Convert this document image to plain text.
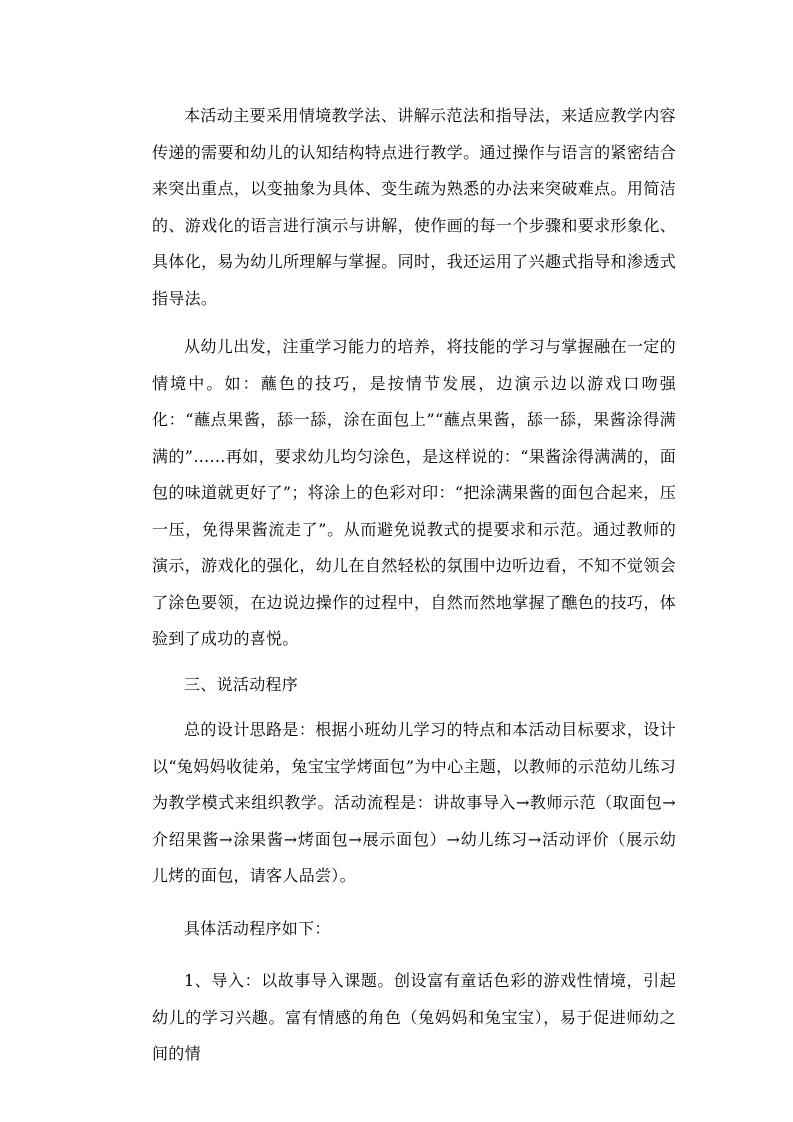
本活动主要采用情境教学法、讲解示范法和指导法，来适应教学内容传递的需要和幼儿的认知结构特点进行教学。通过操作与语言的紧密结合来突出重点，以变抽象为具体、变生疏为熟悉的办法来突破难点。用简洁的、游戏化的语言进行演示与讲解，使作画的每一个步骤和要求形象化、具体化，易为幼儿所理解与掌握。同时，我还运用了兴趣式指导和渗透式指导法。

从幼儿出发，注重学习能力的培养，将技能的学习与掌握融在一定的情境中。如：蘸色的技巧，是按情节发展，边演示边以游戏口吻强化：“蘸点果酱，舔一舔，涂在面包上”“蘸点果酱，舔一舔，果酱涂得满满的”……再如，要求幼儿均匀涂色，是这样说的：“果酱涂得满满的，面包的味道就更好了”；将涂上的色彩对印：“把涂满果酱的面包合起来，压一压，免得果酱流走了”。从而避免说教式的提要求和示范。通过教师的演示，游戏化的强化，幼儿在自然轻松的氛围中边听边看，不知不觉领会了涂色要领，在边说边操作的过程中，自然而然地掌握了醮色的技巧，体验到了成功的喜悦。

三、说活动程序

总的设计思路是：根据小班幼儿学习的特点和本活动目标要求，设计以“兔妈妈收徒弟，兔宝宝学烤面包”为中心主题，以教师的示范幼儿练习为教学模式来组织教学。活动流程是：讲故事导入→教师示范（取面包→介绍果酱→涂果酱→烤面包→展示面包）→幼儿练习→活动评价（展示幼儿烤的面包，请客人品尝）。

具体活动程序如下：

1、导入：以故事导入课题。创设富有童话色彩的游戏性情境，引起幼儿的学习兴趣。富有情感的角色（兔妈妈和兔宝宝），易于促进师幼之间的情
